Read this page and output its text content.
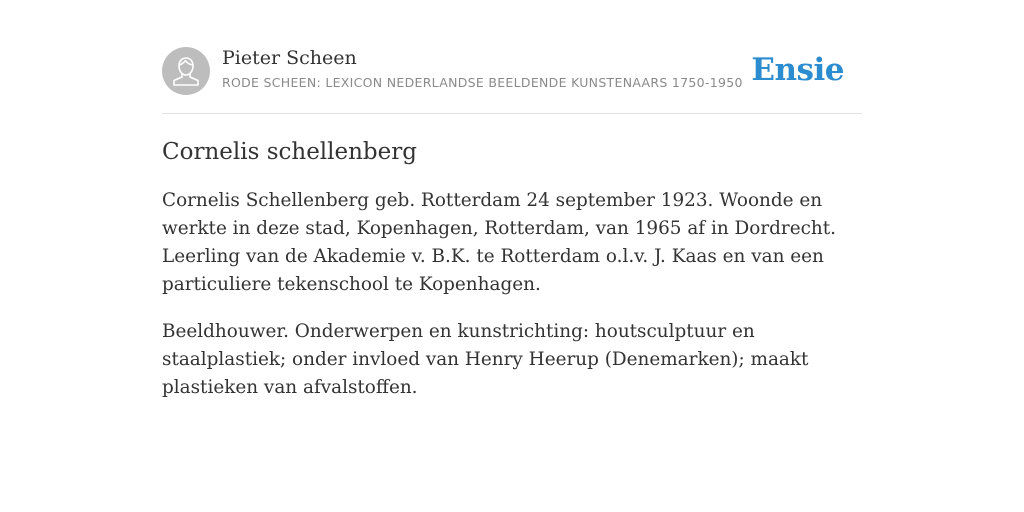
Pieter Scheen
RODE SCHEEN: LEXICON NEDERLANDSE BEELDENDE KUNSTENAARS 1750-1950 Ensie
Cornelis schellenberg

Cornelis Schellenberg geb. Rotterdam 24 september 1923. Woonde en werkte in deze stad, Kopenhagen, Rotterdam, van 1965 af in Dordrecht. Leerling van de Akademie v. B.K. te Rotterdam o.l.v. J. Kaas en van een particuliere tekenschool te Kopenhagen.

Beeldhouwer. Onderwerpen en kunstrichting: houtsculptuur en staalplastiek; onder invloed van Henry Heerup (Denemarken); maakt plastieken van afvalstoffen.
